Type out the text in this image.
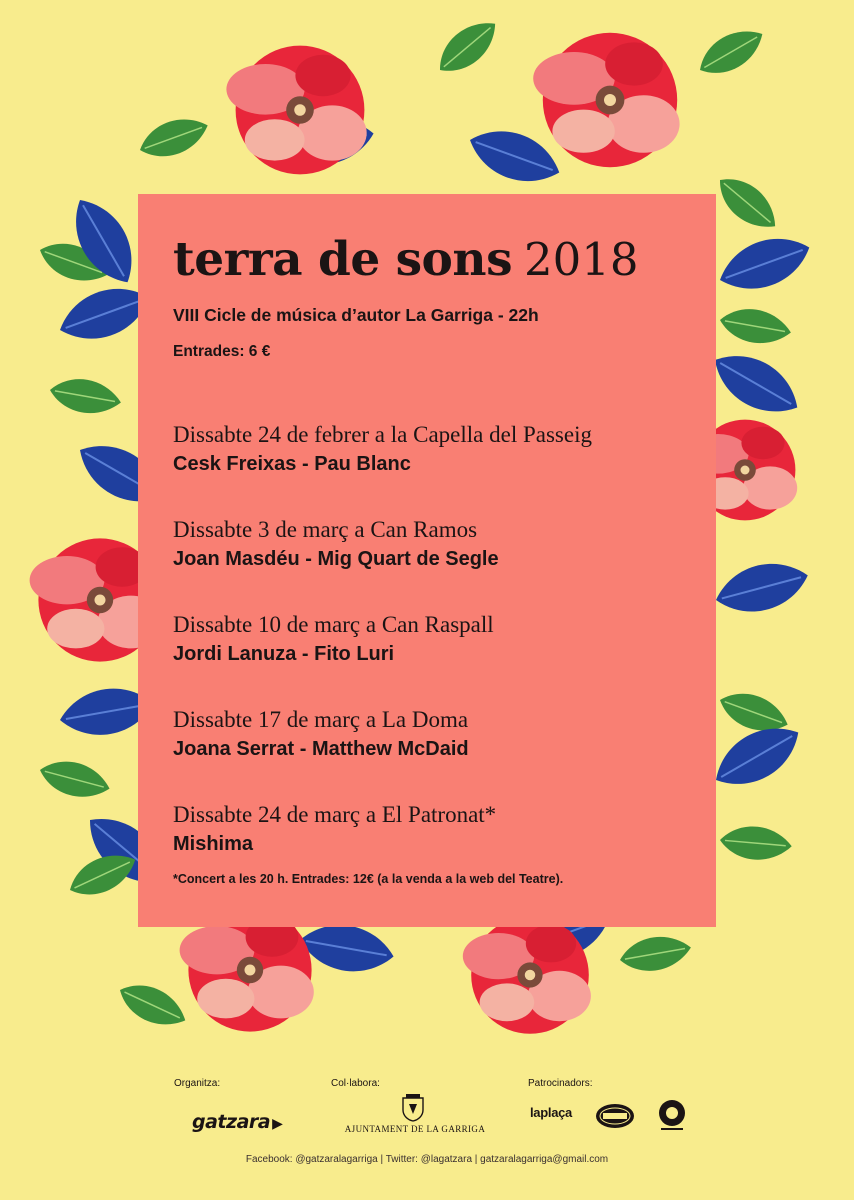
terra de sons 2018
VIII Cicle de música d’autor La Garriga - 22h
Entrades: 6 €
Dissabte 24 de febrer a la Capella del Passeig
Cesk Freixas - Pau Blanc
Dissabte 3 de març a Can Ramos
Joan Masdéu - Mig Quart de Segle
Dissabte 10 de març a Can Raspall
Jordi Lanuza - Fito Luri
Dissabte 17 de març a La Doma
Joana Serrat - Matthew McDaid
Dissabte 24 de març a El Patronat*
Mishima
*Concert a les 20 h. Entrades: 12€ (a la venda a la web del Teatre).
Organitza:	Col·labora:	Patrocinadors:
gatzara ▶	AJUNTAMENT DE LA GARRIGA
laplaça
Facebook: @gatzaralagarriga | Twitter: @lagatzara | gatzaralagarriga@gmail.com
